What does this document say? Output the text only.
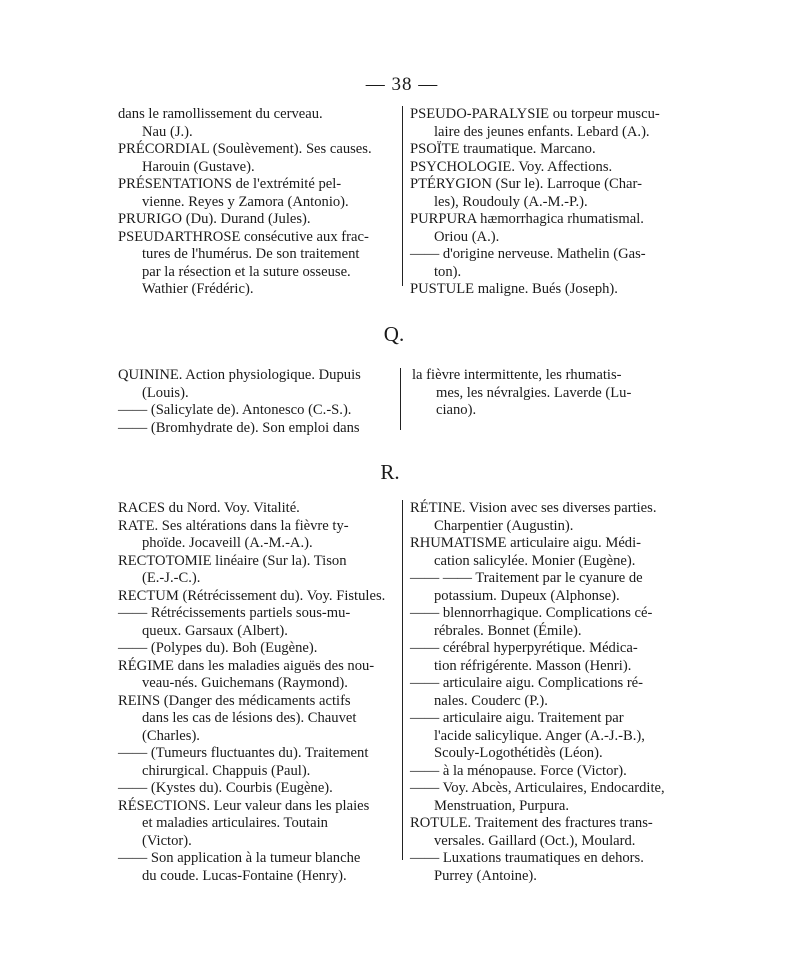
— 38 —
dans le ramollissement du cerveau.
Nau (J.).
PRÉCORDIAL (Soulèvement). Ses causes.
Harouin (Gustave).
PRÉSENTATIONS de l'extrémité pel-
vienne. Reyes y Zamora (Antonio).
PRURIGO (Du). Durand (Jules).
PSEUDARTHROSE consécutive aux frac-
tures de l'humérus. De son traitement
par la résection et la suture osseuse.
Wathier (Frédéric).
PSEUDO-PARALYSIE ou torpeur muscu-
laire des jeunes enfants. Lebard (A.).
PSOÏTE traumatique. Marcano.
PSYCHOLOGIE. Voy. Affections.
PTÉRYGION (Sur le). Larroque (Char-
les), Roudouly (A.-M.-P.).
PURPURA hæmorrhagica rhumatismal.
Oriou (A.).
—— d'origine nerveuse. Mathelin (Gas-
ton).
PUSTULE maligne. Bués (Joseph).
Q.
QUININE. Action physiologique. Dupuis
(Louis).
—— (Salicylate de). Antonesco (C.-S.).
—— (Bromhydrate de). Son emploi dans
la fièvre intermittente, les rhumatis-
mes, les névralgies. Laverde (Lu-
ciano).
R.
RACES du Nord. Voy. Vitalité.
RATE. Ses altérations dans la fièvre ty-
phoïde. Jocaveill (A.-M.-A.).
RECTOTOMIE linéaire (Sur la). Tison
(E.-J.-C.).
RECTUM (Rétrécissement du). Voy. Fistules.
—— Rétrécissements partiels sous-mu-
queux. Garsaux (Albert).
—— (Polypes du). Boh (Eugène).
RÉGIME dans les maladies aiguës des nou-
veau-nés. Guichemans (Raymond).
REINS (Danger des médicaments actifs
dans les cas de lésions des). Chauvet
(Charles).
—— (Tumeurs fluctuantes du). Traitement
chirurgical. Chappuis (Paul).
—— (Kystes du). Courbis (Eugène).
RÉSECTIONS. Leur valeur dans les plaies
et maladies articulaires. Toutain
(Victor).
—— Son application à la tumeur blanche
du coude. Lucas-Fontaine (Henry).
RÉTINE. Vision avec ses diverses parties.
Charpentier (Augustin).
RHUMATISME articulaire aigu. Médi-
cation salicylée. Monier (Eugène).
—— —— Traitement par le cyanure de
potassium. Dupeux (Alphonse).
—— blennorrhagique. Complications cé-
rébrales. Bonnet (Émile).
—— cérébral hyperpyrétique. Médica-
tion réfrigérente. Masson (Henri).
—— articulaire aigu. Complications ré-
nales. Couderc (P.).
—— articulaire aigu. Traitement par
l'acide salicylique. Anger (A.-J.-B.),
Scouly-Logothétidès (Léon).
—— à la ménopause. Force (Victor).
—— Voy. Abcès, Articulaires, Endocardite,
Menstruation, Purpura.
ROTULE. Traitement des fractures trans-
versales. Gaillard (Oct.), Moulard.
—— Luxations traumatiques en dehors.
Purrey (Antoine).
